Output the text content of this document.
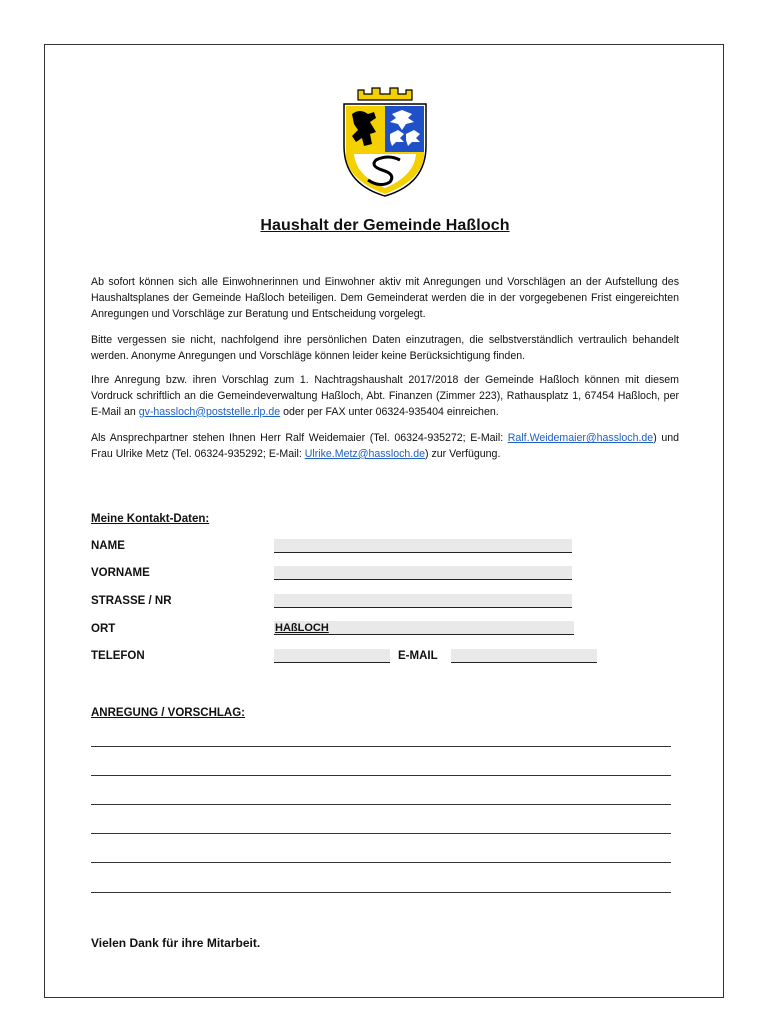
Haushalt der Gemeinde Haßloch

Ab sofort können sich alle Einwohnerinnen und Einwohner aktiv mit Anregungen und Vorschlägen an der Aufstellung des Haushaltsplanes der Gemeinde Haßloch beteiligen. Dem Gemeinderat werden die in der vorgegebenen Frist eingereichten Anregungen und Vorschläge zur Beratung und Entscheidung vorgelegt.

Bitte vergessen sie nicht, nachfolgend ihre persönlichen Daten einzutragen, die selbstverständlich vertraulich behandelt werden. Anonyme Anregungen und Vorschläge können leider keine Berücksichtigung finden.

Ihre Anregung bzw. ihren Vorschlag zum 1. Nachtragshaushalt 2017/2018 der Gemeinde Haßloch können mit diesem Vordruck schriftlich an die Gemeindeverwaltung Haßloch, Abt. Finanzen (Zimmer 223), Rathausplatz 1, 67454 Haßloch, per E-Mail an gv-hassloch@poststelle.rlp.de oder per FAX unter 06324-935404 einreichen.

Als Ansprechpartner stehen Ihnen Herr Ralf Weidemaier (Tel. 06324-935272; E-Mail: Ralf.Weidemaier@hassloch.de) und Frau Ulrike Metz (Tel. 06324-935292; E-Mail: Ulrike.Metz@hassloch.de) zur Verfügung.

Meine Kontakt-Daten:
NAME
VORNAME
STRASSE / NR
ORT	HAßLOCH
TELEFON	E-MAIL
ANREGUNG / VORSCHLAG:
Vielen Dank für ihre Mitarbeit.
